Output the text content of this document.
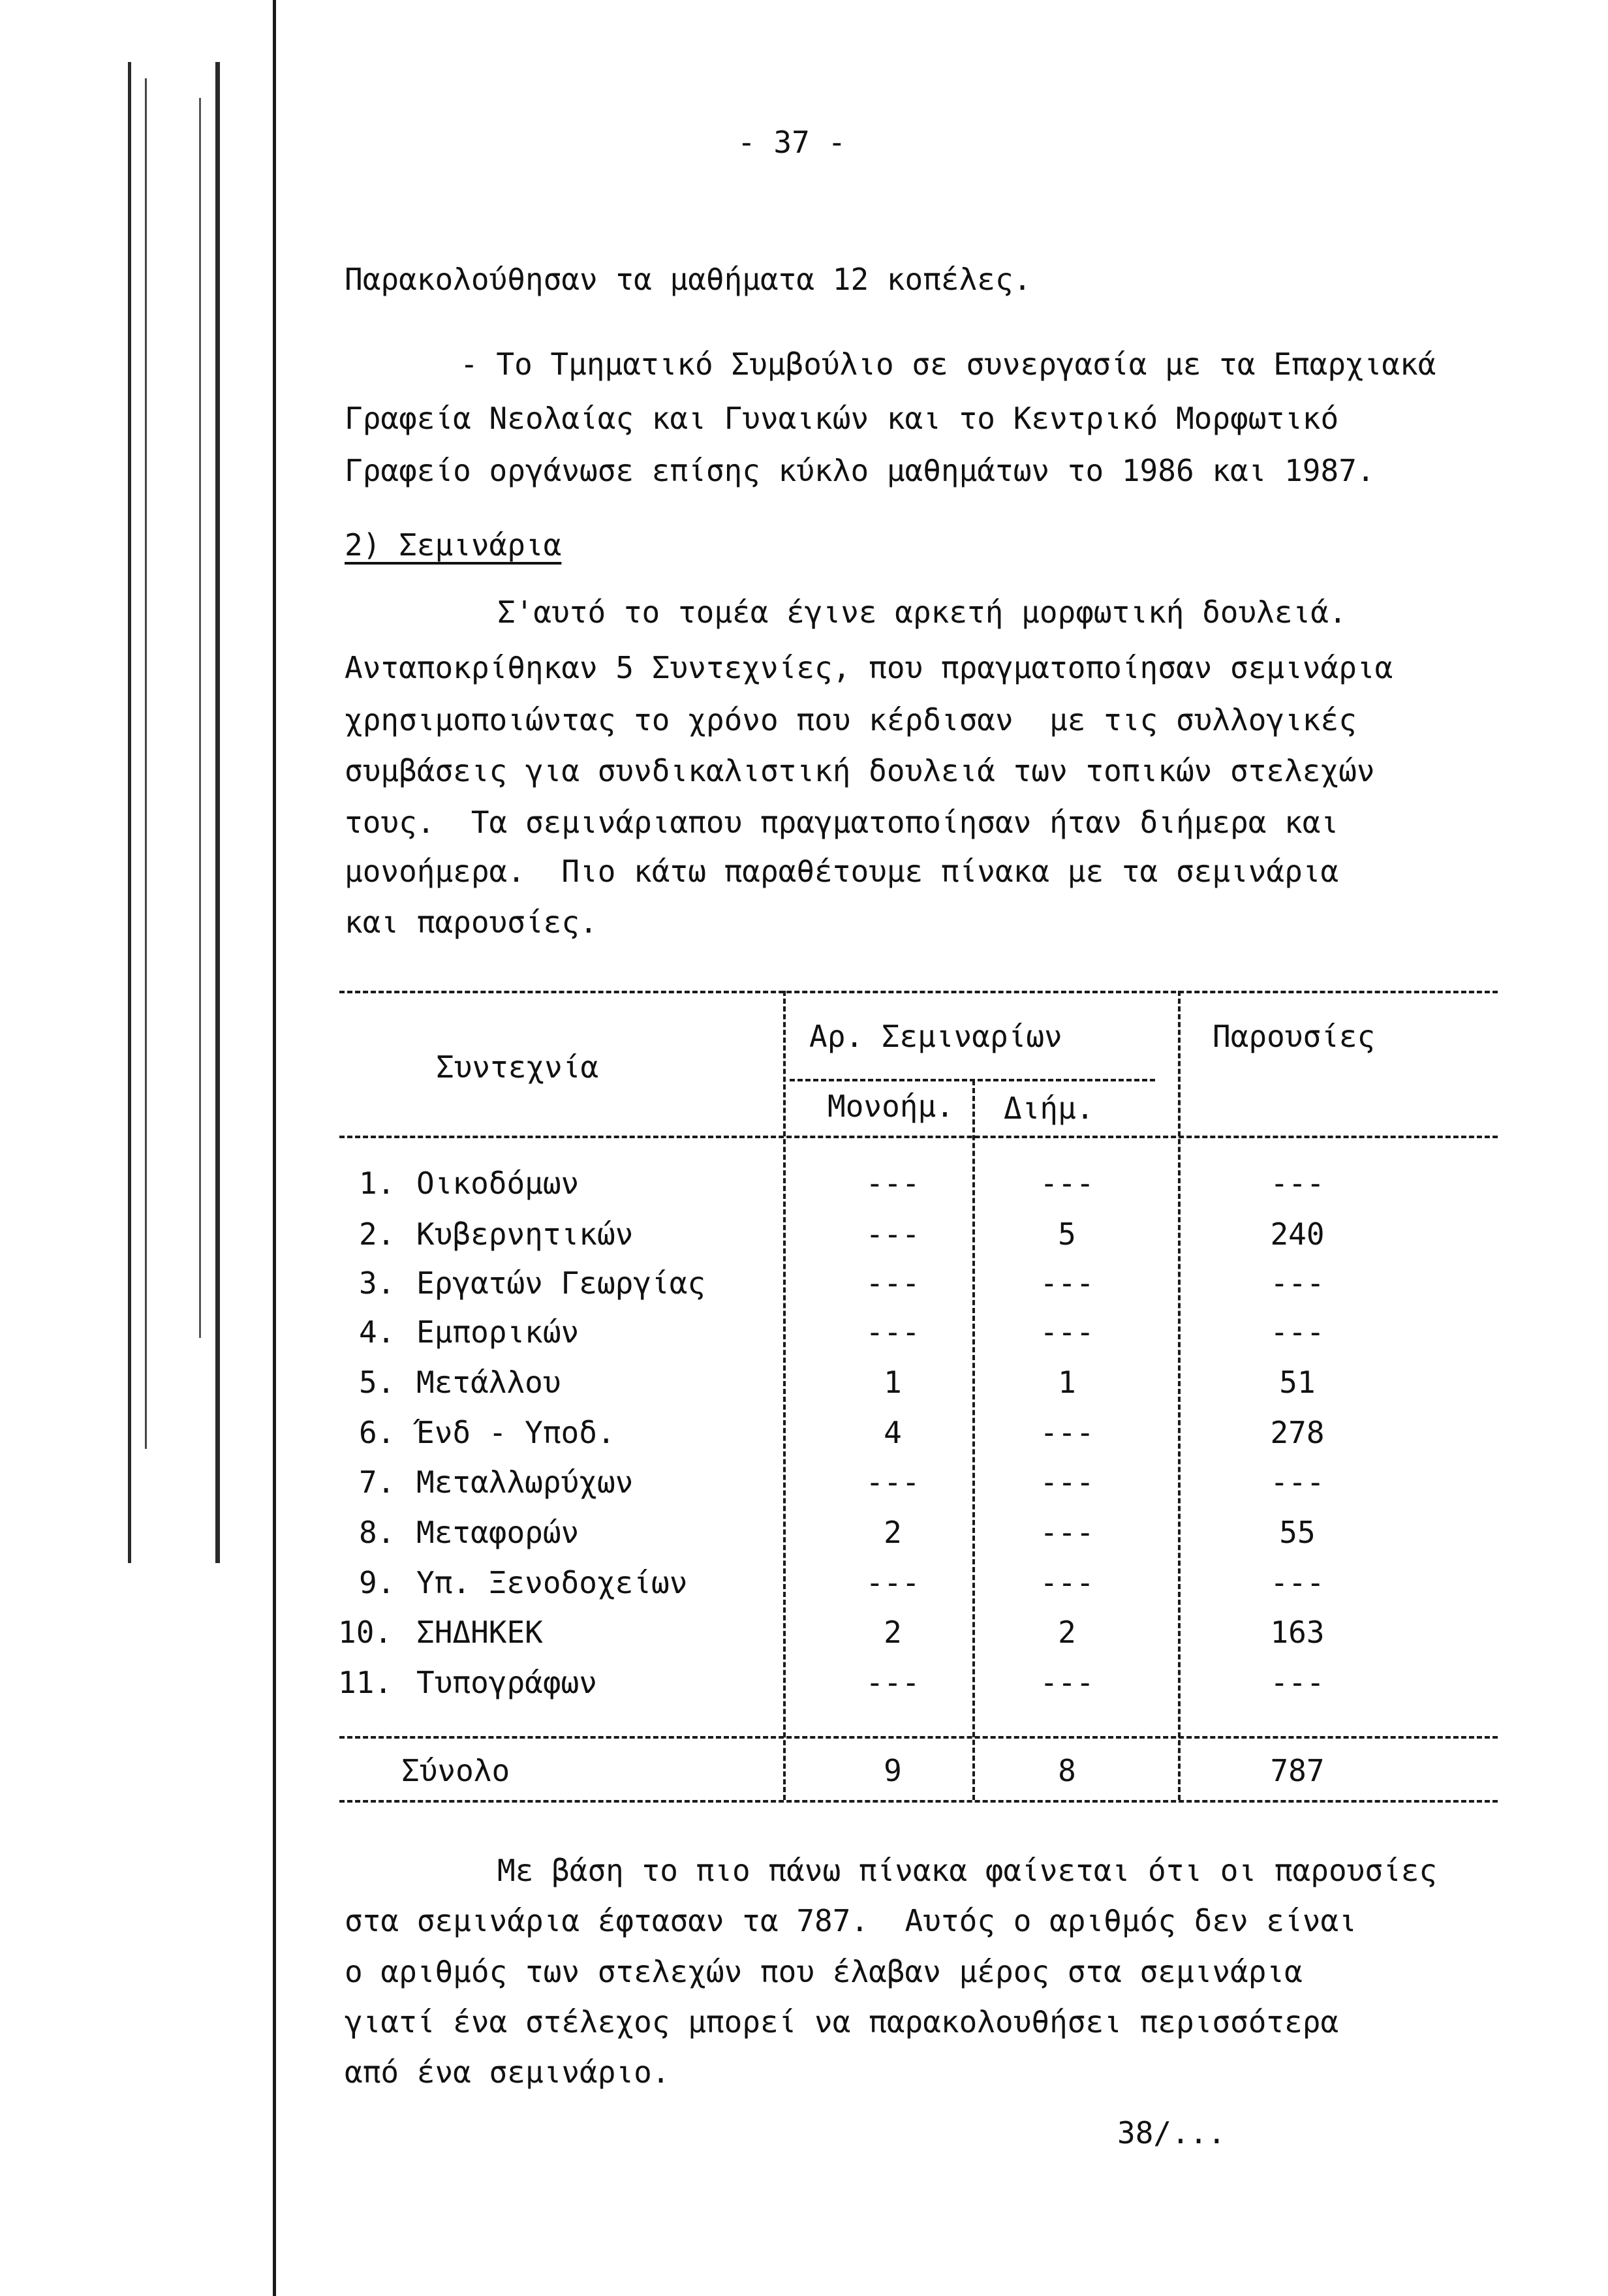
- 37 -
Παρακολούθησαν τα μαθήματα 12 κοπέλες.
- Το Τμηματικό Συμβούλιο σε συνεργασία με τα Επαρχιακά
Γραφεία Νεολαίας και Γυναικών και το Κεντρικό Μορφωτικό
Γραφείο οργάνωσε επίσης κύκλο μαθημάτων το 1986 και 1987.
2) Σεμινάρια
Σ'αυτό το τομέα έγινε αρκετή μορφωτική δουλειά.
Ανταποκρίθηκαν 5 Συντεχνίες, που πραγματοποίησαν σεμινάρια
χρησιμοποιώντας το χρόνο που κέρδισαν  με τις συλλογικές
συμβάσεις για συνδικαλιστική δουλειά των τοπικών στελεχών
τους.  Τα σεμινάριαπου πραγματοποίησαν ήταν διήμερα και
μονοήμερα.  Πιο κάτω παραθέτουμε πίνακα με τα σεμινάρια
και παρουσίες.
Συντεχνία
Αρ. Σεμιναρίων
Μονοήμ. Διήμ.
Παρουσίες
1. Οικοδόμων	---	---	---
2. Κυβερνητικών	---	5	240
3. Εργατών Γεωργίας	---	---	---
4. Εμπορικών	---	---	---
5. Μετάλλου	1	1	51
6. Ένδ - Υποδ.	4	---	278
7. Μεταλλωρύχων	---	---	---
8. Μεταφορών	2	---	55
9. Υπ. Ξενοδοχείων	---	---	---
10. ΣΗΔΗΚΕΚ	2	2	163
11. Τυπογράφων	---	---	---
Σύνολο	9	8	787
Με βάση το πιο πάνω πίνακα φαίνεται ότι οι παρουσίες
στα σεμινάρια έφτασαν τα 787.  Αυτός ο αριθμός δεν είναι
ο αριθμός των στελεχών που έλαβαν μέρος στα σεμινάρια
γιατί ένα στέλεχος μπορεί να παρακολουθήσει περισσότερα
από ένα σεμινάριο.
38/...
